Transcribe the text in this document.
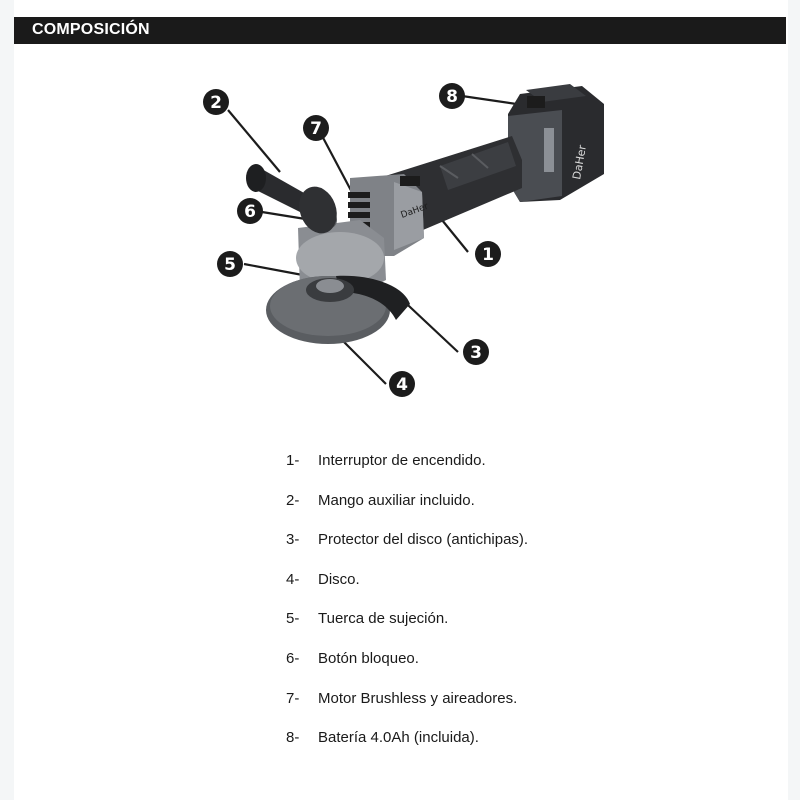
COMPOSICIÓN
DaHer
DaHer
8
2
7
6
5	1
3
4
1-	Interruptor de encendido.
2-	Mango auxiliar incluido.
3-	Protector del disco (antichipas).
4-	Disco.
5-	Tuerca de sujeción.
6-	Botón bloqueo.
7-	Motor Brushless y aireadores.
8-	Batería 4.0Ah (incluida).
